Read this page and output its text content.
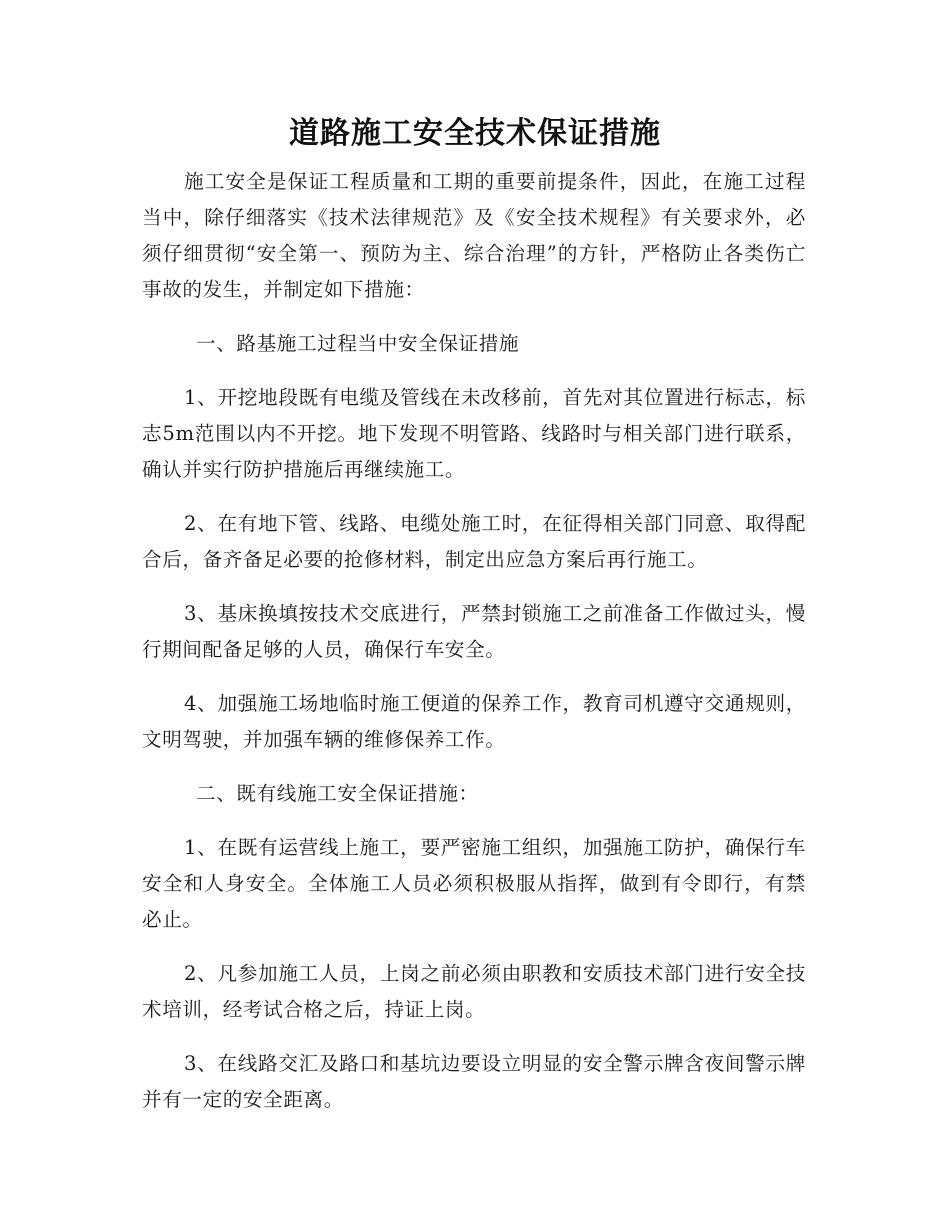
道路施工安全技术保证措施

施工安全是保证工程质量和工期的重要前提条件，因此，在施工过程当中，除仔细落实《技术法律规范》及《安全技术规程》有关要求外，必须仔细贯彻“安全第一、预防为主、综合治理”的方针，严格防止各类伤亡事故的发生，并制定如下措施：

一、路基施工过程当中安全保证措施

1、开挖地段既有电缆及管线在未改移前，首先对其位置进行标志，标志5m范围以内不开挖。地下发现不明管路、线路时与相关部门进行联系，确认并实行防护措施后再继续施工。

2、在有地下管、线路、电缆处施工时，在征得相关部门同意、取得配合后，备齐备足必要的抢修材料，制定出应急方案后再行施工。

3、基床换填按技术交底进行，严禁封锁施工之前准备工作做过头，慢行期间配备足够的人员，确保行车安全。

4、加强施工场地临时施工便道的保养工作，教育司机遵守交通规则，文明驾驶，并加强车辆的维修保养工作。

二、既有线施工安全保证措施：

1、在既有运营线上施工，要严密施工组织，加强施工防护，确保行车安全和人身安全。全体施工人员必须积极服从指挥，做到有令即行，有禁必止。

2、凡参加施工人员，上岗之前必须由职教和安质技术部门进行安全技术培训，经考试合格之后，持证上岗。

3、在线路交汇及路口和基坑边要设立明显的安全警示牌含夜间警示牌并有一定的安全距离。
